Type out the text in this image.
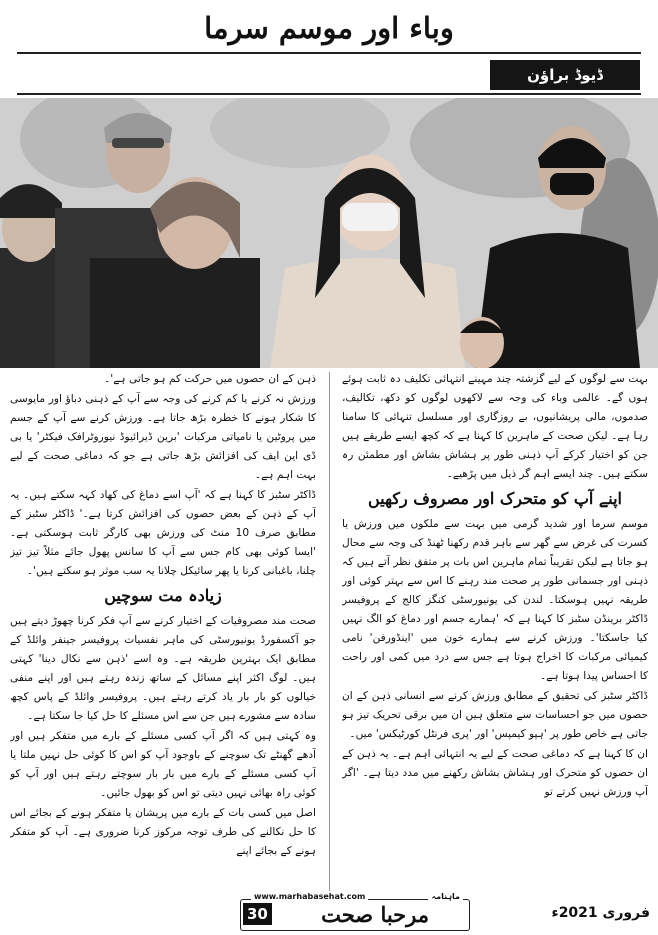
وباء اور موسم سرما
ڈیوڈ براؤن

بہت سے لوگوں کے لیے گزشتہ چند مہینے انتہائی تکلیف دہ ثابت ہوئے ہوں گے۔ عالمی وباء کی وجہ سے لاکھوں لوگوں کو دکھ، تکالیف، صدموں، مالی پریشانیوں، بے روزگاری اور مسلسل تنہائی کا سامنا رہا ہے۔ لیکن صحت کے ماہرین کا کہنا ہے کہ کچھ ایسے طریقے ہیں جن کو اختیار کرکے آپ ذہنی طور پر ہشاش بشاش اور مطمئن رہ سکتے ہیں۔ چند ایسے اہم گر ذیل میں پڑھیے۔

اپنے آپ کو متحرک اور مصروف رکھیں

موسم سرما اور شدید گرمی میں بہت سے ملکوں میں ورزش یا کسرت کی غرض سے گھر سے باہر قدم رکھنا ٹھنڈ کی وجہ سے محال ہو جاتا ہے لیکن تقریباً تمام ماہرین اس بات پر متفق نظر آتے ہیں کہ ذہنی اور جسمانی طور پر صحت مند رہنے کا اس سے بہتر کوئی اور طریقہ نہیں ہوسکتا۔ لندن کی یونیورسٹی کنگز کالج کے پروفیسر ڈاکٹر برینڈن سٹبز کا کہنا ہے کہ 'ہمارے جسم اور دماغ کو الگ نہیں کیا جاسکتا'۔ ورزش کرنے سے ہمارے خون میں 'اینڈورفن' نامی کیمیائی مرکبات کا اخراج ہوتا ہے جس سے درد میں کمی اور راحت کا احساس پیدا ہوتا ہے۔

ڈاکٹر سٹبز کی تحقیق کے مطابق ورزش کرنے سے انسانی ذہن کے ان حصوں میں جو احساسات سے متعلق ہیں ان میں برقی تحریک تیز ہو جاتی ہے خاص طور پر 'ہپو کیمپس' اور 'پری فرنٹل کورٹیکس' میں۔

ان کا کہنا ہے کہ دماغی صحت کے لیے یہ انتہائی اہم ہے۔ یہ ذہن کے ان حصوں کو متحرک اور ہشاش بشاش رکھنے میں مدد دیتا ہے۔ 'اگر آپ ورزش نہیں کرتے تو

ذہن کے ان حصوں میں حرکت کم ہو جاتی ہے'۔

ورزش نہ کرنے یا کم کرنے کی وجہ سے آپ کے ذہنی دباؤ اور مایوسی کا شکار ہونے کا خطرہ بڑھ جاتا ہے۔ ورزش کرنے سے آپ کے جسم میں پروٹین یا نامیاتی مرکبات 'برین ڈیرائیوڈ نیوروٹرافک فیکٹر' یا بی ڈی این ایف کی افزائش بڑھ جاتی ہے جو کہ دماغی صحت کے لیے بہت اہم ہے۔

ڈاکٹر سٹبز کا کہنا ہے کہ 'آپ اسے دماغ کی کھاد کہہ سکتے ہیں۔ یہ آپ کے ذہن کے بعض حصوں کی افزائش کرتا ہے۔' ڈاکٹر سٹبز کے مطابق صرف 10 منٹ کی ورزش بھی کارگر ثابت ہوسکتی ہے۔ 'ایسا کوئی بھی کام جس سے آپ کا سانس پھول جائے مثلاً تیز تیز چلنا، باغبانی کرنا یا پھر سائیکل چلانا یہ سب موثر ہو سکتے ہیں'۔

زیادہ مت سوچیں

صحت مند مصروفیات کے اختیار کرنے سے آپ فکر کرنا چھوڑ دیتے ہیں جو آکسفورڈ یونیورسٹی کی ماہر نفسیات پروفیسر جینفر وائلڈ کے مطابق ایک بہترین طریقہ ہے۔ وہ اسے 'ذہن سے نکال دینا' کہتی ہیں۔ لوگ اکثر اپنے مسائل کے ساتھ زندہ رہتے ہیں اور اپنے منفی خیالوں کو بار بار یاد کرتے رہتے ہیں۔ پروفیسر وائلڈ کے پاس کچھ سادہ سے مشورے ہیں جن سے اس مسئلے کا حل کیا جا سکتا ہے۔

وہ کہتی ہیں کہ اگر آپ کسی مسئلے کے بارے میں متفکر ہیں اور آدھے گھنٹے تک سوچنے کے باوجود آپ کو اس کا کوئی حل نہیں ملتا یا آپ کسی مسئلے کے بارے میں بار بار سوچتے رہتے ہیں اور آپ کو کوئی راہ بھائی نہیں دیتی تو اس کو بھول جائیں۔

اصل میں کسی بات کے بارے میں پریشان یا متفکر ہونے کے بجائے اس کا حل نکالنے کی طرف توجہ مرکوز کرنا ضروری ہے۔ آپ کو متفکر ہونے کے بجائے اپنے

فروری 2021ء
ماہنامہ
www.marhabasehat.com
مرحبا صحت
30
